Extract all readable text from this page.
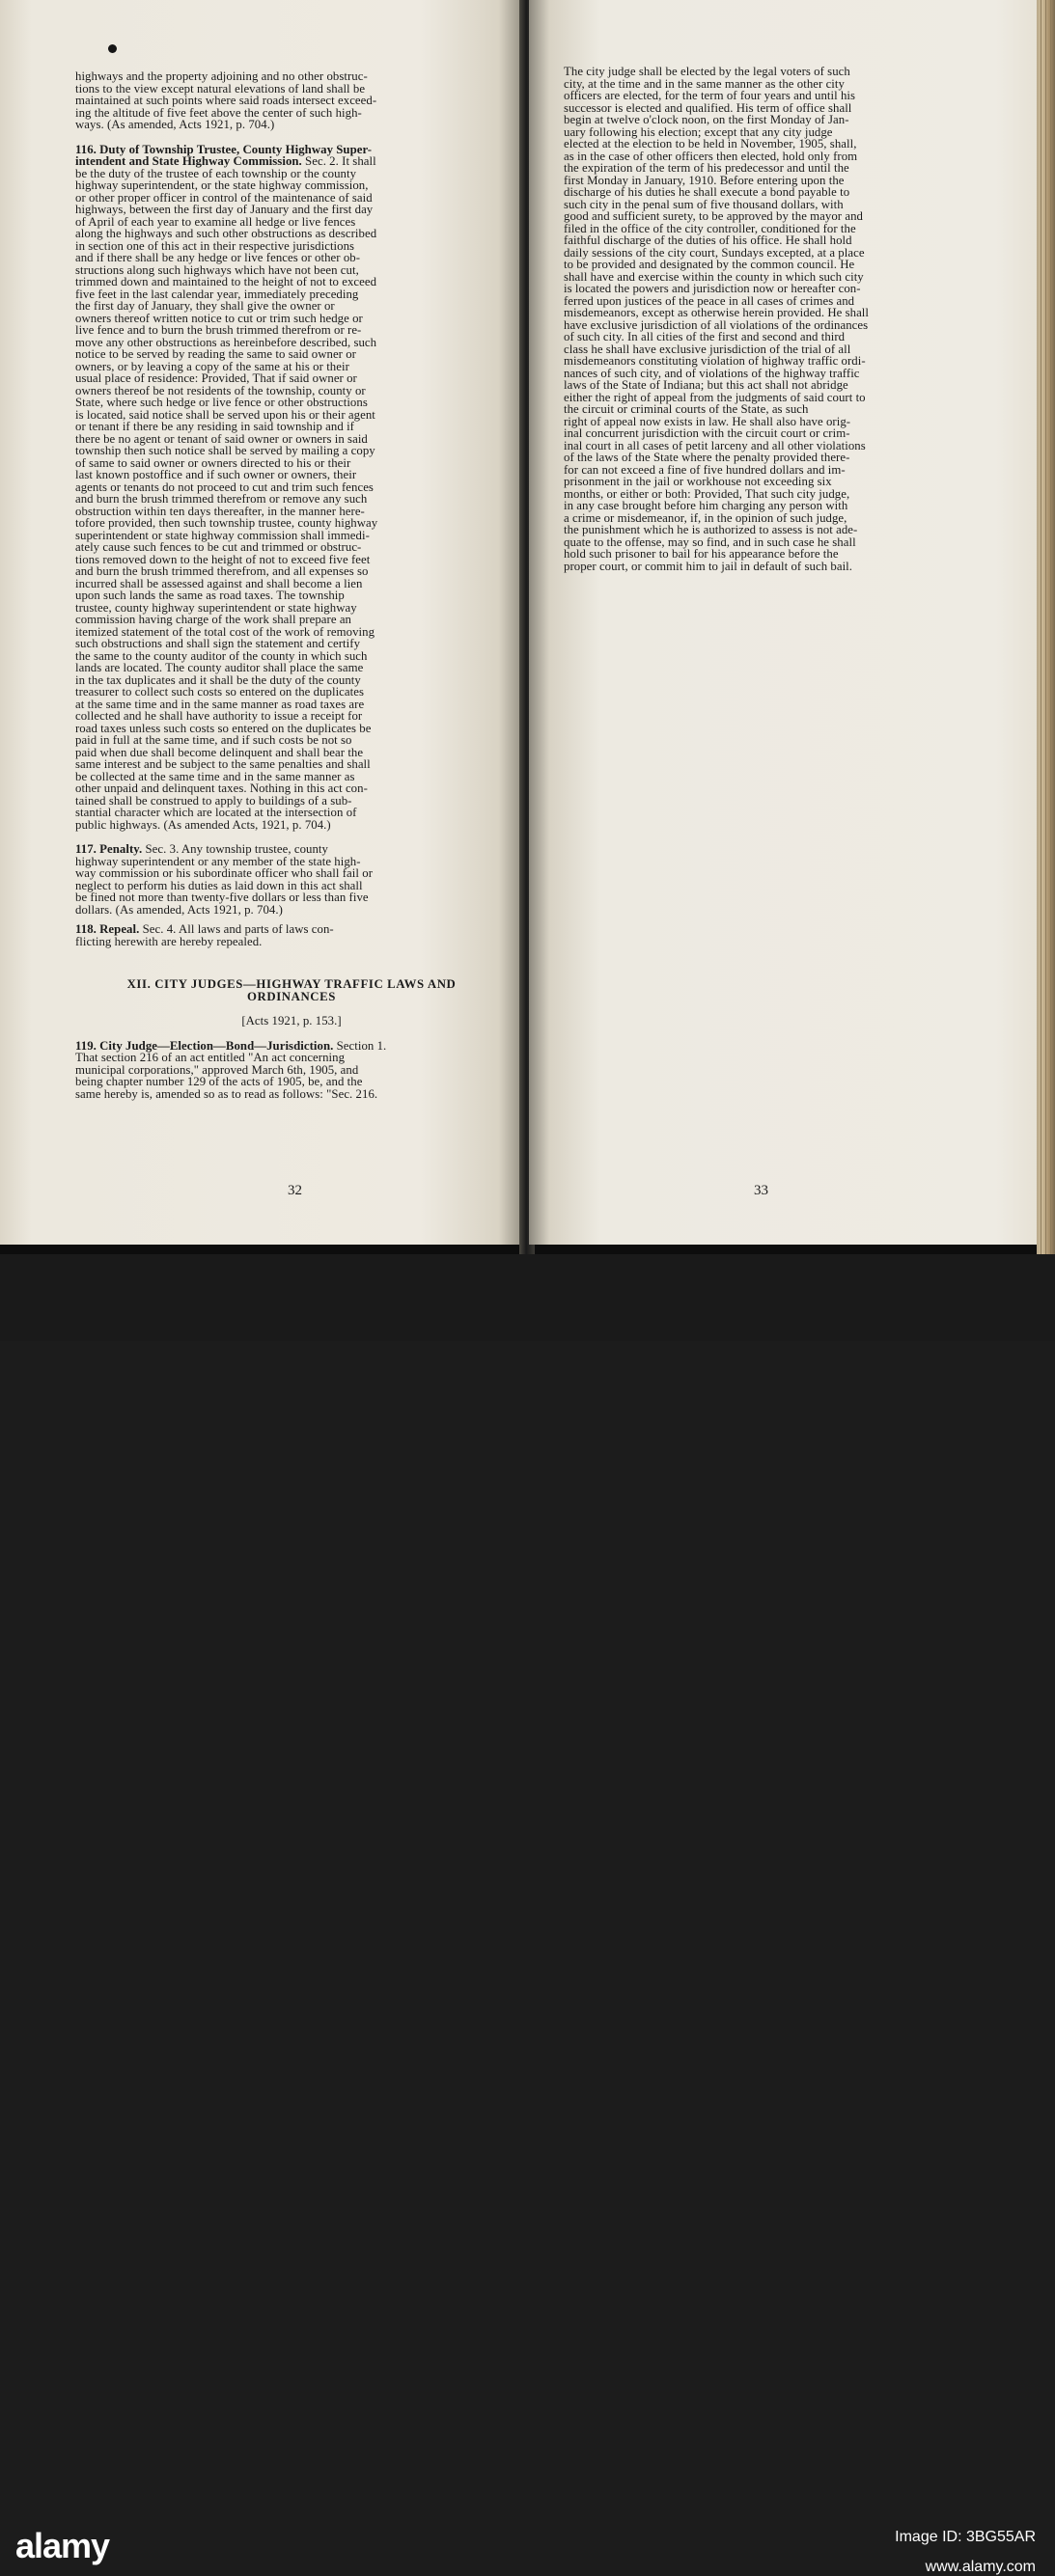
highways and the property adjoining and no other obstruc-
tions to the view except natural elevations of land shall be
maintained at such points where said roads intersect exceed-
ing the altitude of five feet above the center of such high-
ways. (As amended, Acts 1921, p. 704.)

116. Duty of Township Trustee, County Highway Super-
intendent and State Highway Commission. Sec. 2. It shall
be the duty of the trustee of each township or the county
highway superintendent, or the state highway commission,
or other proper officer in control of the maintenance of said
highways, between the first day of January and the first day
of April of each year to examine all hedge or live fences
along the highways and such other obstructions as described
in section one of this act in their respective jurisdictions
and if there shall be any hedge or live fences or other ob-
structions along such highways which have not been cut,
trimmed down and maintained to the height of not to exceed
five feet in the last calendar year, immediately preceding
the first day of January, they shall give the owner or
owners thereof written notice to cut or trim such hedge or
live fence and to burn the brush trimmed therefrom or re-
move any other obstructions as hereinbefore described, such
notice to be served by reading the same to said owner or
owners, or by leaving a copy of the same at his or their
usual place of residence: Provided, That if said owner or
owners thereof be not residents of the township, county or
State, where such hedge or live fence or other obstructions
is located, said notice shall be served upon his or their agent
or tenant if there be any residing in said township and if
there be no agent or tenant of said owner or owners in said
township then such notice shall be served by mailing a copy
of same to said owner or owners directed to his or their
last known postoffice and if such owner or owners, their
agents or tenants do not proceed to cut and trim such fences
and burn the brush trimmed therefrom or remove any such
obstruction within ten days thereafter, in the manner here-
tofore provided, then such township trustee, county highway
superintendent or state highway commission shall immedi-
ately cause such fences to be cut and trimmed or obstruc-
tions removed down to the height of not to exceed five feet
and burn the brush trimmed therefrom, and all expenses so
incurred shall be assessed against and shall become a lien
upon such lands the same as road taxes. The township
trustee, county highway superintendent or state highway
commission having charge of the work shall prepare an
itemized statement of the total cost of the work of removing
such obstructions and shall sign the statement and certify
the same to the county auditor of the county in which such
lands are located. The county auditor shall place the same
in the tax duplicates and it shall be the duty of the county
treasurer to collect such costs so entered on the duplicates
at the same time and in the same manner as road taxes are
collected and he shall have authority to issue a receipt for
road taxes unless such costs so entered on the duplicates be
paid in full at the same time, and if such costs be not so
paid when due shall become delinquent and shall bear the
same interest and be subject to the same penalties and shall
be collected at the same time and in the same manner as
other unpaid and delinquent taxes. Nothing in this act con-
tained shall be construed to apply to buildings of a sub-
stantial character which are located at the intersection of
public highways. (As amended Acts, 1921, p. 704.)

117. Penalty. Sec. 3. Any township trustee, county
highway superintendent or any member of the state high-
way commission or his subordinate officer who shall fail or
neglect to perform his duties as laid down in this act shall
be fined not more than twenty-five dollars or less than five
dollars. (As amended, Acts 1921, p. 704.)

118. Repeal. Sec. 4. All laws and parts of laws con-
flicting herewith are hereby repealed.

XII. CITY JUDGES—HIGHWAY TRAFFIC LAWS AND
ORDINANCES

[Acts 1921, p. 153.]

119. City Judge—Election—Bond—Jurisdiction. Section 1.
That section 216 of an act entitled "An act concerning
municipal corporations," approved March 6th, 1905, and
being chapter number 129 of the acts of 1905, be, and the
same hereby is, amended so as to read as follows: "Sec. 216.

32

The city judge shall be elected by the legal voters of such
city, at the time and in the same manner as the other city
officers are elected, for the term of four years and until his
successor is elected and qualified. His term of office shall
begin at twelve o'clock noon, on the first Monday of Jan-
uary following his election; except that any city judge
elected at the election to be held in November, 1905, shall,
as in the case of other officers then elected, hold only from
the expiration of the term of his predecessor and until the
first Monday in January, 1910. Before entering upon the
discharge of his duties he shall execute a bond payable to
such city in the penal sum of five thousand dollars, with
good and sufficient surety, to be approved by the mayor and
filed in the office of the city controller, conditioned for the
faithful discharge of the duties of his office. He shall hold
daily sessions of the city court, Sundays excepted, at a place
to be provided and designated by the common council. He
shall have and exercise within the county in which such city
is located the powers and jurisdiction now or hereafter con-
ferred upon justices of the peace in all cases of crimes and
misdemeanors, except as otherwise herein provided. He shall
have exclusive jurisdiction of all violations of the ordinances
of such city. In all cities of the first and second and third
class he shall have exclusive jurisdiction of the trial of all
misdemeanors constituting violation of highway traffic ordi-
nances of such city, and of violations of the highway traffic
laws of the State of Indiana; but this act shall not abridge
either the right of appeal from the judgments of said court to
the circuit or criminal courts of the State, as such
right of appeal now exists in law. He shall also have orig-
inal concurrent jurisdiction with the circuit court or crim-
inal court in all cases of petit larceny and all other violations
of the laws of the State where the penalty provided there-
for can not exceed a fine of five hundred dollars and im-
prisonment in the jail or workhouse not exceeding six
months, or either or both: Provided, That such city judge,
in any case brought before him charging any person with
a crime or misdemeanor, if, in the opinion of such judge,
the punishment which he is authorized to assess is not ade-
quate to the offense, may so find, and in such case he shall
hold such prisoner to bail for his appearance before the
proper court, or commit him to jail in default of such bail.

33
alamy	Image ID: 3BG55AR
www.alamy.com
